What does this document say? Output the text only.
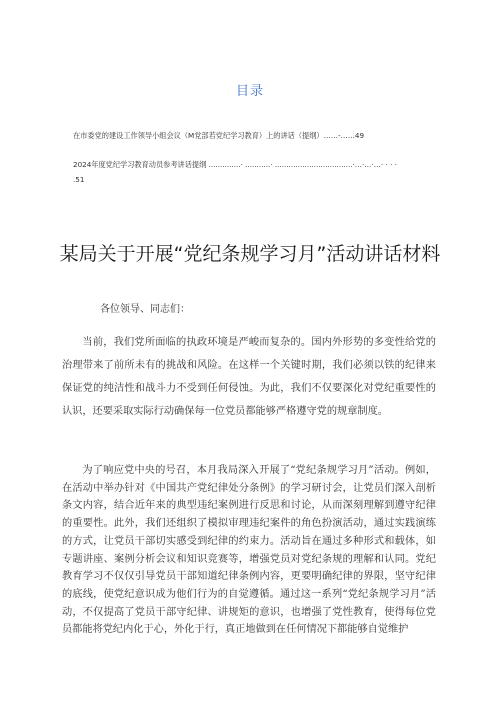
目录
在市委党的建设工作领导小组会议（M党部若党纪学习教育）上的讲话（提纲）……-……49
2024年度党纪学习教育动员参考讲话提纲 ..............· ...........· ..................................·…·…·…· · · ·
.51
某局关于开展“党纪条规学习月”活动讲话材料
各位领导、同志们：

当前，我们党所面临的执政环境是严峻而复杂的。国内外形势的多变性给党的治理带来了前所未有的挑战和风险。在这样一个关键时期，我们必须以铁的纪律来保证党的纯洁性和战斗力不受到任何侵蚀。为此，我们不仅要深化对党纪重要性的认识，还要采取实际行动确保每一位党员都能够严格遵守党的规章制度。

为了响应党中央的号召，本月我局深入开展了“党纪条规学习月”活动。例如，在活动中举办针对《中国共产党纪律处分条例》的学习研讨会，让党员们深入剖析条文内容，结合近年来的典型违纪案例进行反思和讨论，从而深刻理解到遵守纪律的重要性。此外，我们还组织了模拟审理违纪案件的角色扮演活动，通过实践演练的方式，让党员干部切实感受到纪律的约束力。活动旨在通过多种形式和载体，如专题讲座、案例分析会议和知识竞赛等，增强党员对党纪条规的理解和认同。党纪教育学习不仅仅引导党员干部知道纪律条例内容，更要明确纪律的界限，坚守纪律的底线，使党纪意识成为他们行为的自觉遵循。通过这一系列“党纪条规学习月”活动，不仅提高了党员干部守纪律、讲规矩的意识，也增强了党性教育，使得每位党员都能将党纪内化于心，外化于行，真正地做到在任何情况下都能够自觉维护
